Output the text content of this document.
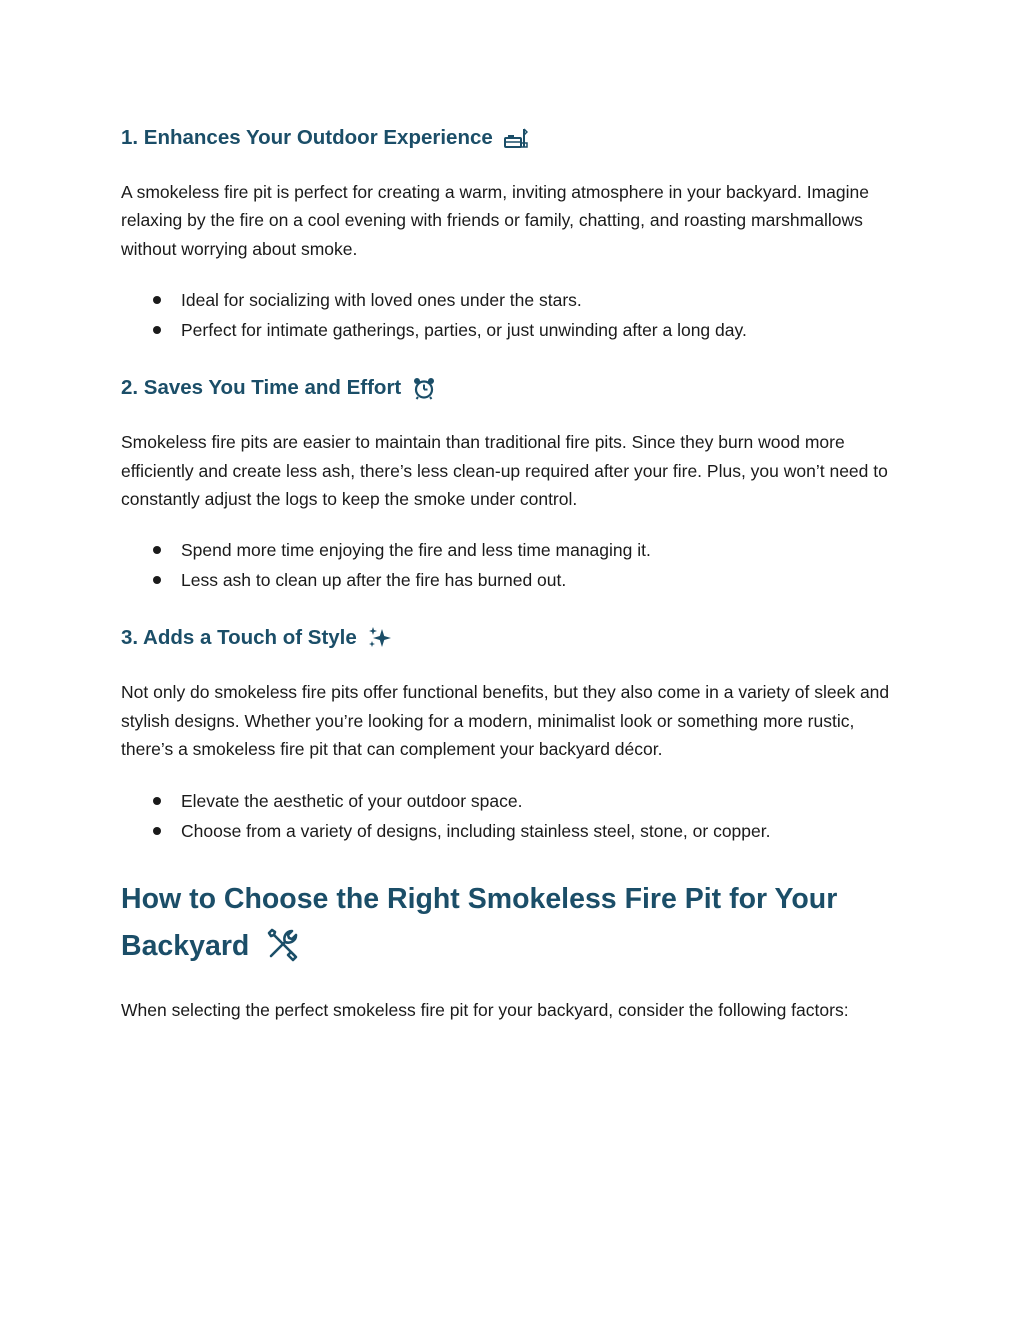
1. Enhances Your Outdoor Experience

A smokeless fire pit is perfect for creating a warm, inviting atmosphere in your backyard. Imagine relaxing by the fire on a cool evening with friends or family, chatting, and roasting marshmallows without worrying about smoke.

Ideal for socializing with loved ones under the stars.
Perfect for intimate gatherings, parties, or just unwinding after a long day.
2. Saves You Time and Effort

Smokeless fire pits are easier to maintain than traditional fire pits. Since they burn wood more efficiently and create less ash, there’s less clean-up required after your fire. Plus, you won’t need to constantly adjust the logs to keep the smoke under control.

Spend more time enjoying the fire and less time managing it.
Less ash to clean up after the fire has burned out.
3. Adds a Touch of Style

Not only do smokeless fire pits offer functional benefits, but they also come in a variety of sleek and stylish designs. Whether you’re looking for a modern, minimalist look or something more rustic, there’s a smokeless fire pit that can complement your backyard décor.

Elevate the aesthetic of your outdoor space.
Choose from a variety of designs, including stainless steel, stone, or copper.
How to Choose the Right Smokeless Fire Pit for Your Backyard

When selecting the perfect smokeless fire pit for your backyard, consider the following factors:
